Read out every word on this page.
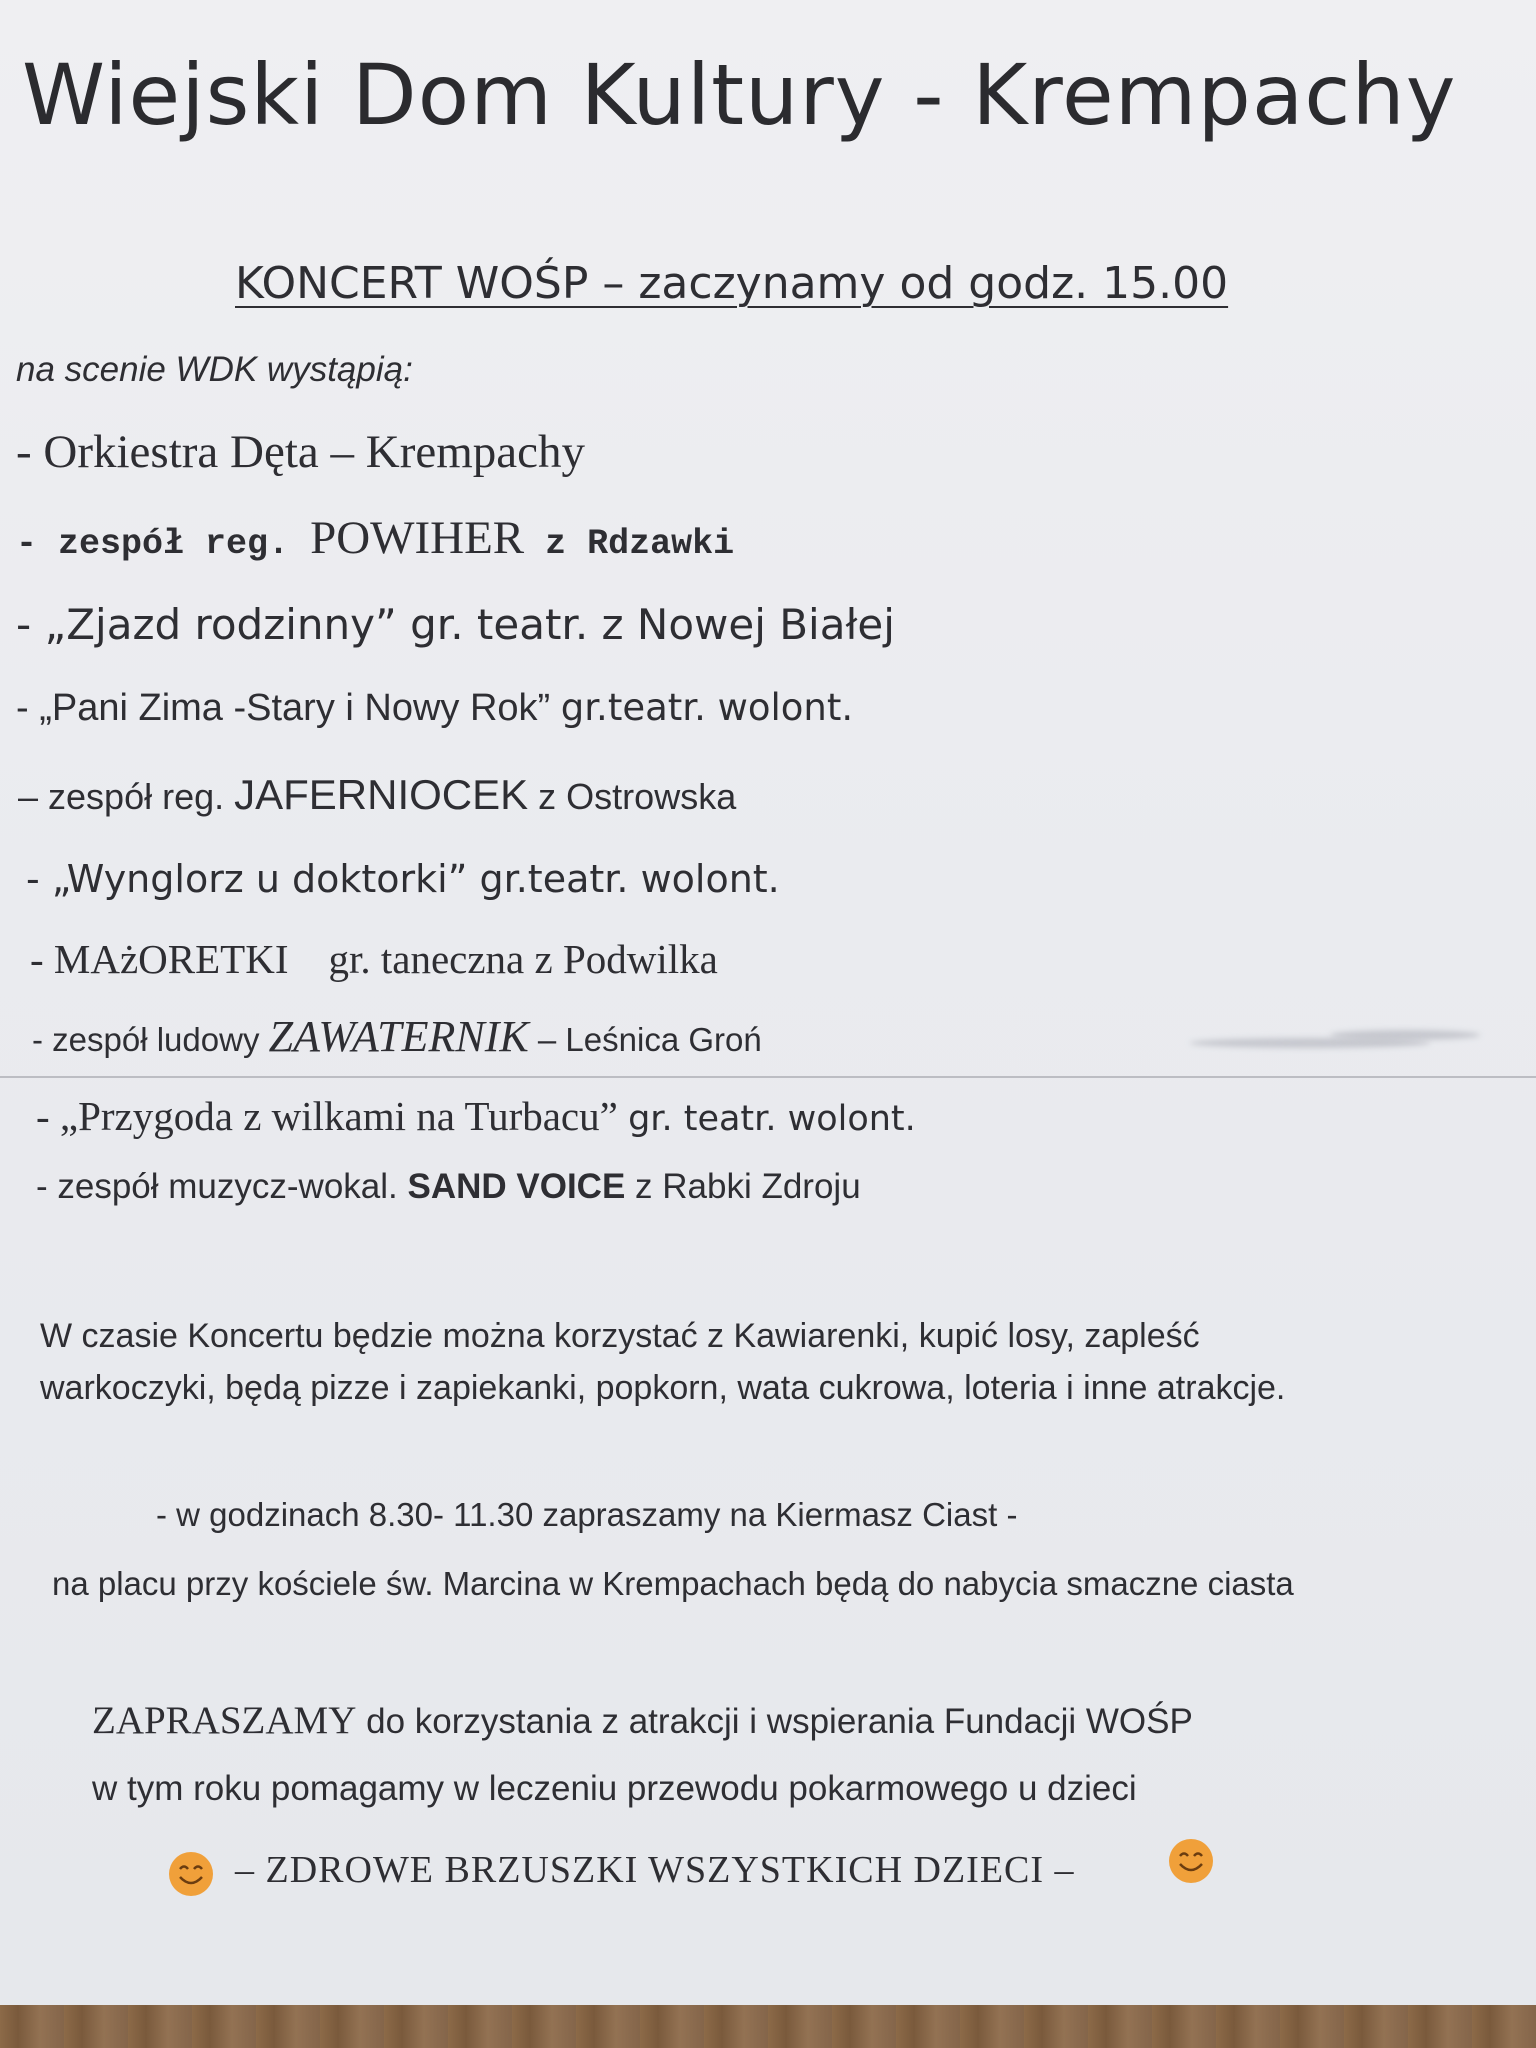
Wiejski Dom Kultury - Krempachy
KONCERT WOŚP – zaczynamy od godz. 15.00
na scenie WDK wystąpią:
- Orkiestra Dęta – Krempachy
- zespół reg. POWIHER z Rdzawki
- „Zjazd rodzinny” gr. teatr. z Nowej Białej
- „Pani Zima -Stary i Nowy Rok” gr.teatr. wolont.
– zespół reg. JAFERNIOCEK z Ostrowska
- „Wynglorz u doktorki” gr.teatr. wolont.
- MAżORETKI gr. taneczna z Podwilka
- zespół ludowy ZAWATERNIK – Leśnica Groń
- „Przygoda z wilkami na Turbacu” gr. teatr. wolont.
- zespół muzycz-wokal. SAND VOICE z Rabki Zdroju
W czasie Koncertu będzie można korzystać z Kawiarenki, kupić losy, zapleść
warkoczyki, będą pizze i zapiekanki, popkorn, wata cukrowa, loteria i inne atrakcje.
- w godzinach 8.30- 11.30 zapraszamy na Kiermasz Ciast -
na placu przy kościele św. Marcina w Krempachach będą do nabycia smaczne ciasta
ZAPRASZAMY do korzystania z atrakcji i wspierania Fundacji WOŚP
w tym roku pomagamy w leczeniu przewodu pokarmowego u dzieci
– ZDROWE BRZUSZKI WSZYSTKICH DZIECI –
